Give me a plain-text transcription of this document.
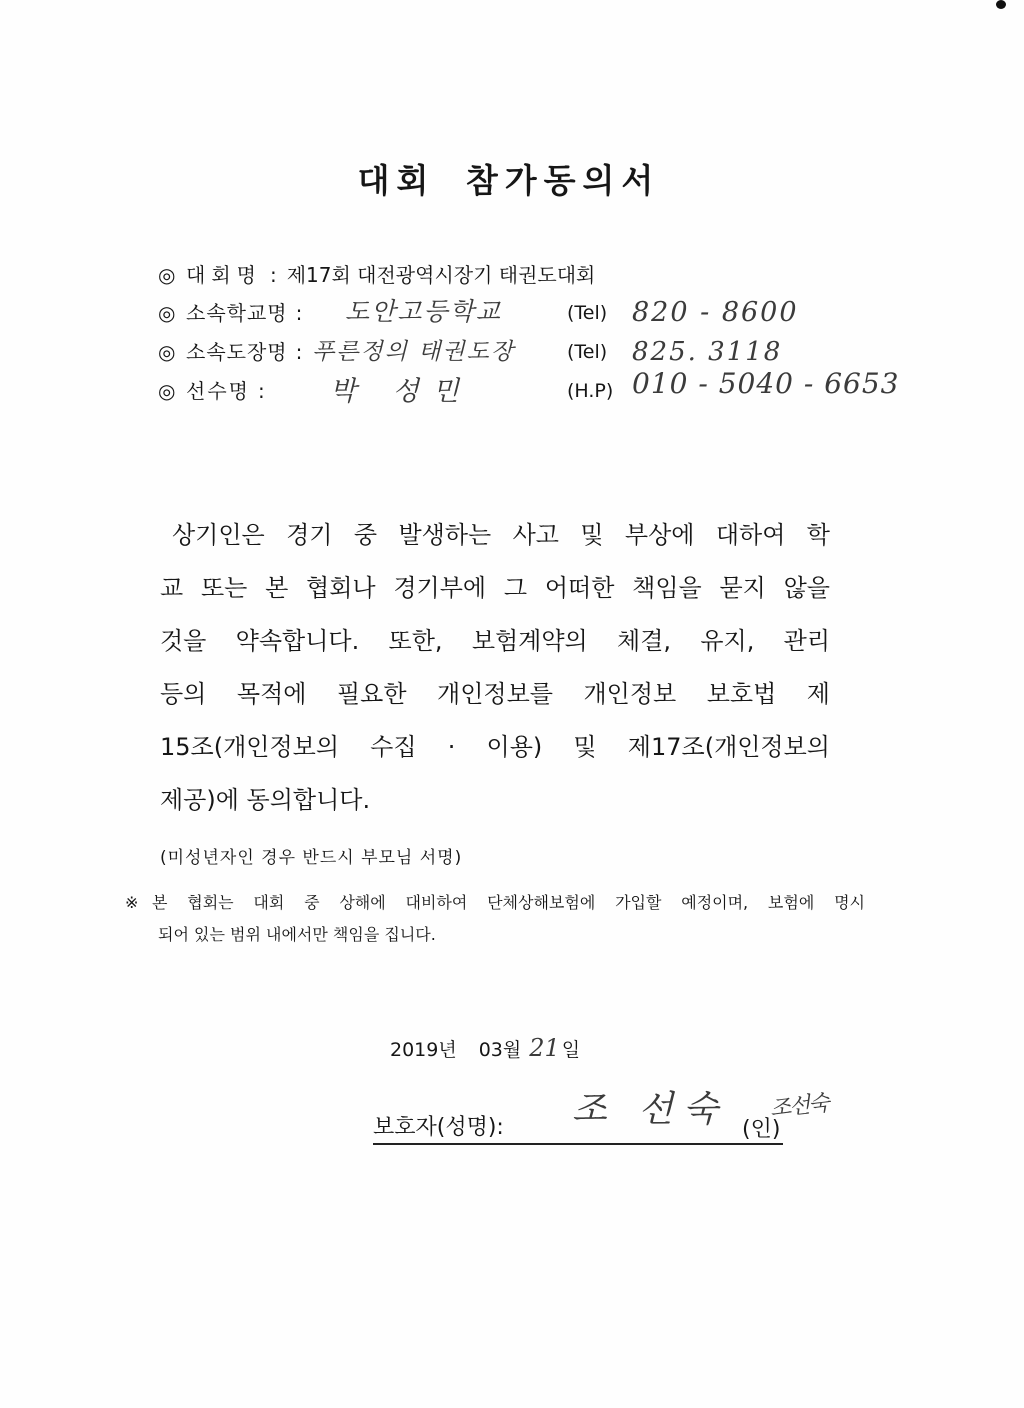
대회 참가동의서
◎ 대회명 : 제17회 대전광역시장기 태권도대회
◎ 소속학교명 :	도안고등학교	(Tel) 820 - 8600
◎ 소속도장명 : 푸른정의 태권도장	(Tel) 825. 3118
◎ 선수명 :	박 성민	(H.P) 010 - 5040 - 6653
상기인은 경기 중 발생하는 사고 및 부상에 대하여 학
교 또는 본 협회나 경기부에 그 어떠한 책임을 묻지 않을
것을 약속합니다. 또한, 보험계약의 체결, 유지, 관리
등의 목적에 필요한 개인정보를 개인정보 보호법 제
15조(개인정보의 수집 · 이용) 및 제17조(개인정보의
제공)에 동의합니다.
(미성년자인 경우 반드시 부모님 서명)
※ 본 협회는 대회 중 상해에 대비하여 단체상해보험에 가입할 예정이며, 보험에 명시
되어 있는 범위 내에서만 책임을 집니다.
2019년 03월 21 일
보호자(성명): 조 선숙 (인)
조선숙
